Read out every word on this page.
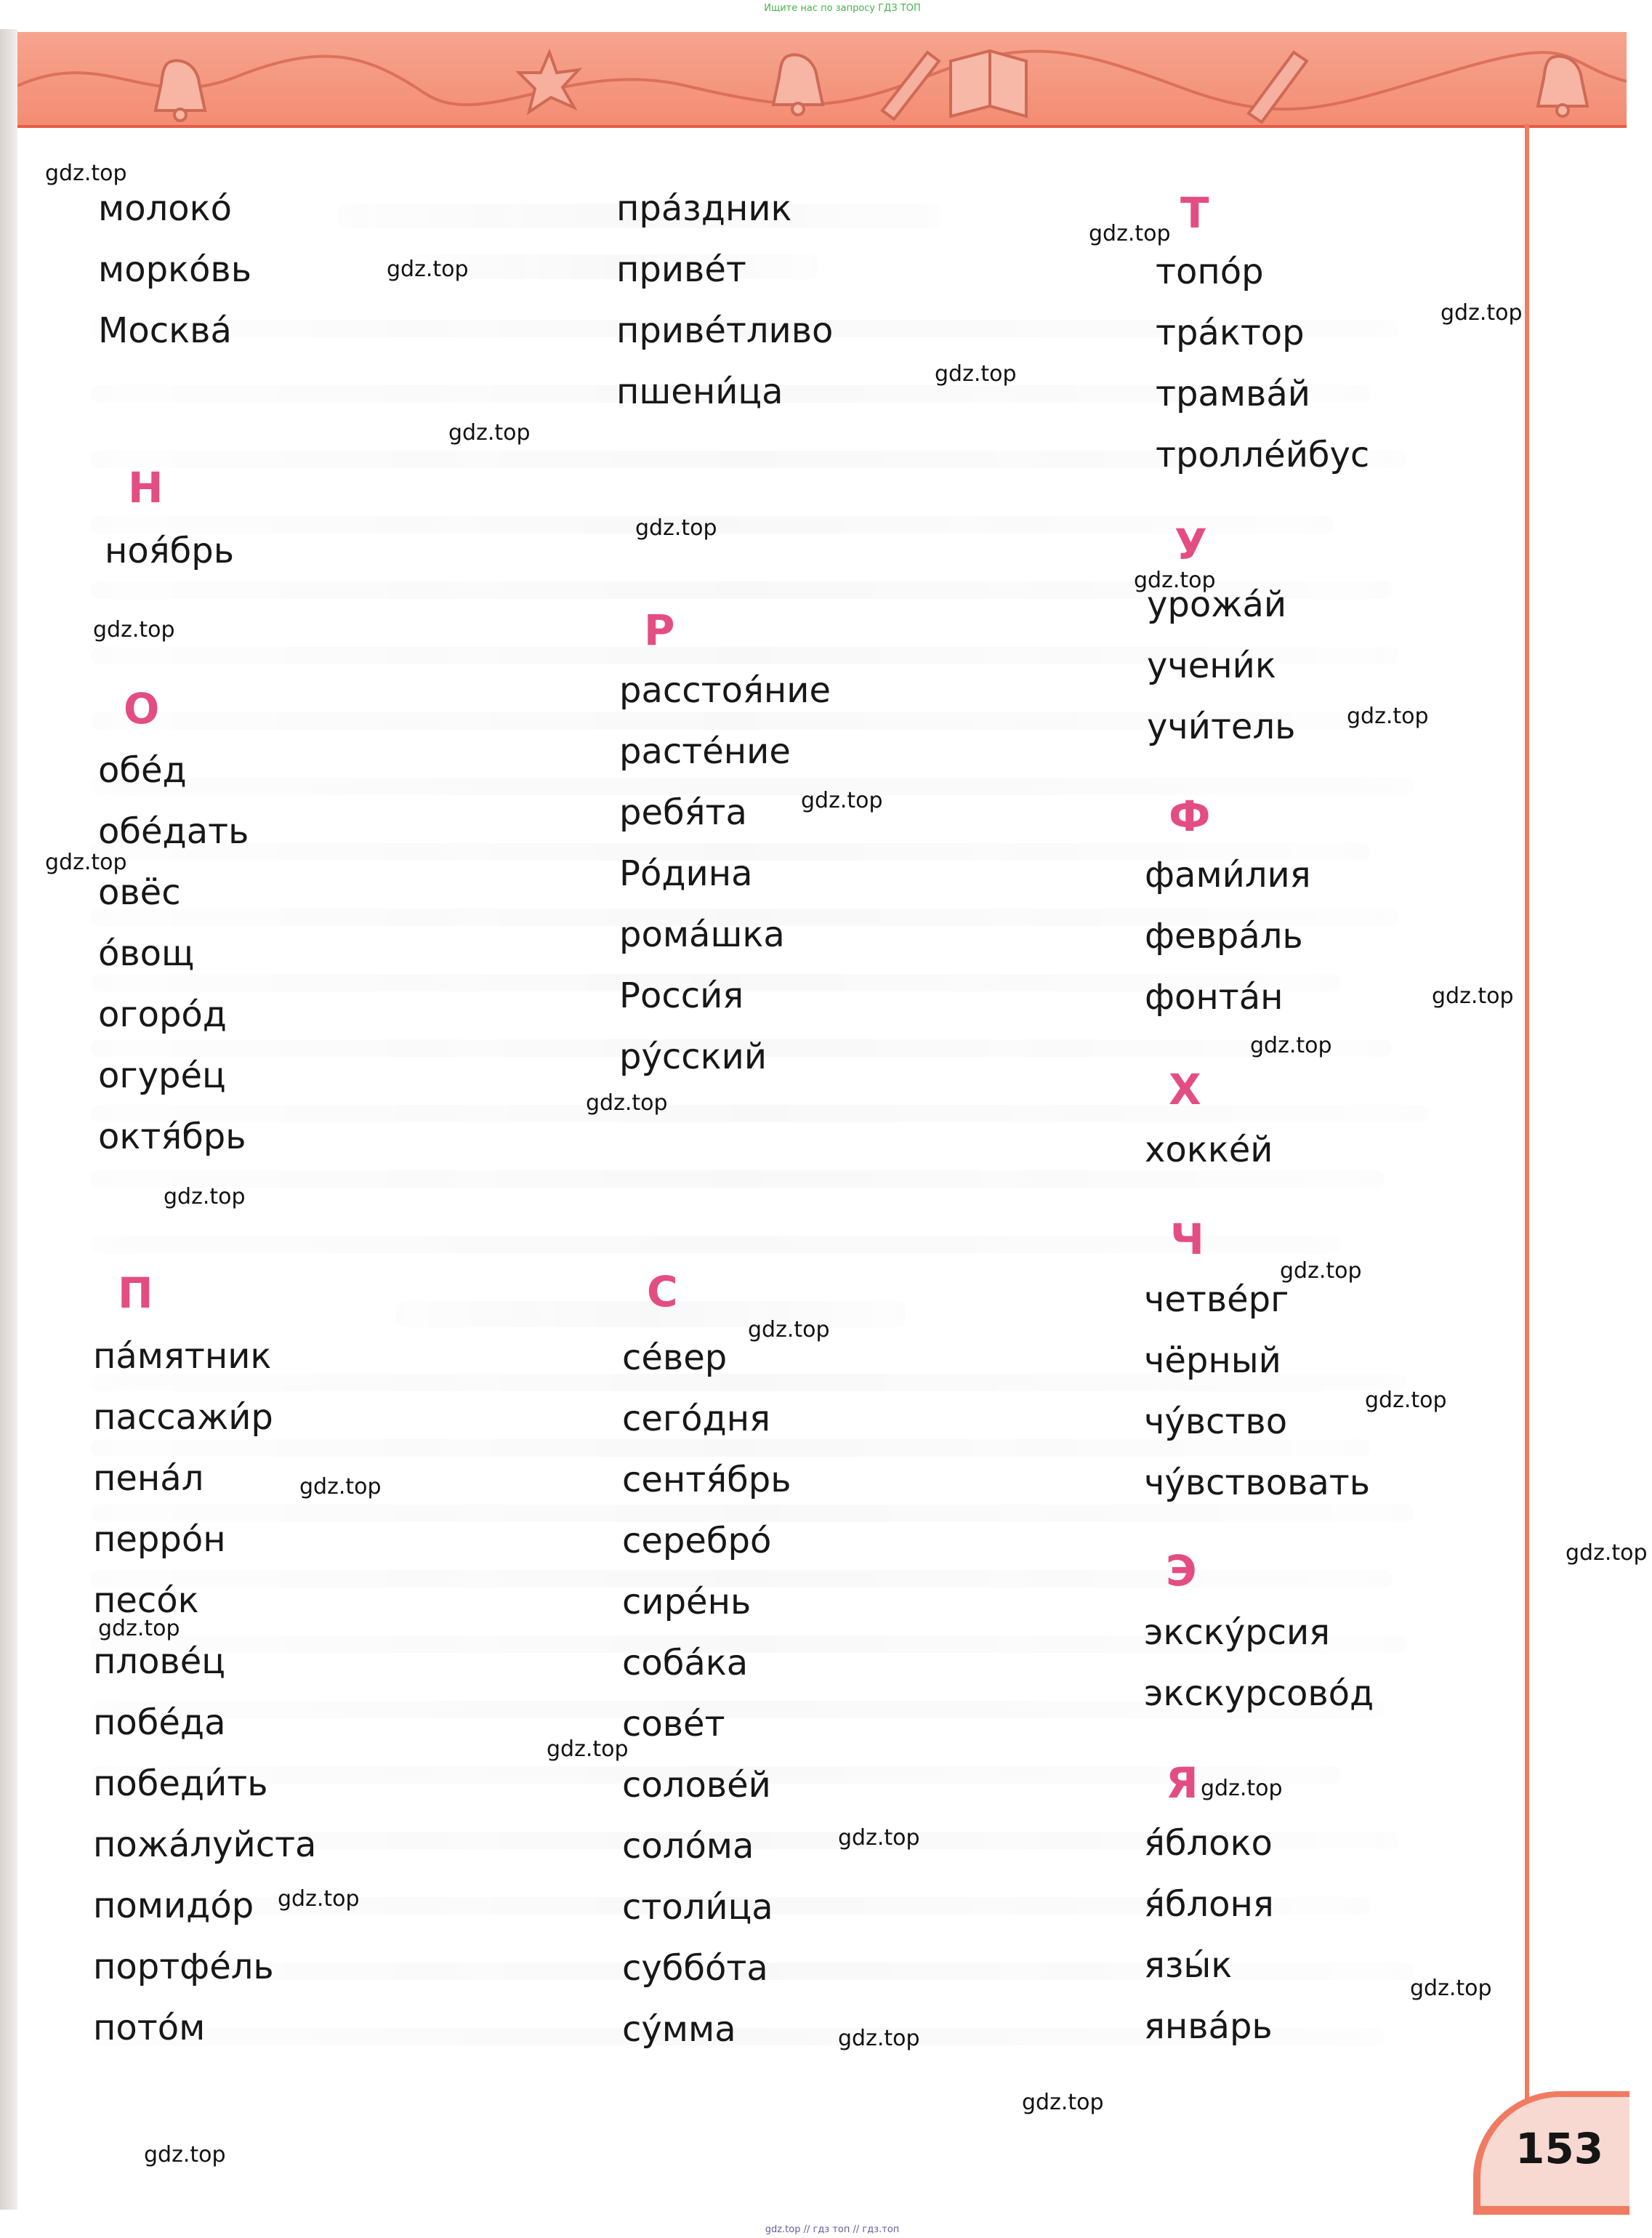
Ищите нас по запросу ГДЗ ТОП
молоко́
морко́вь
Москва́
Н
ноя́брь
О
обе́д
обе́дать
овёс
о́вощ
огоро́д
огуре́ц
октя́брь
П
па́мятник
пассажи́р
пена́л
перро́н
песо́к
плове́ц
побе́да
победи́ть
пожа́луйста
помидо́р
портфе́ль
пото́м
пра́здник
приве́т
приве́тливо
пшени́ца
Р
расстоя́ние
расте́ние
ребя́та
Ро́дина
рома́шка
Росси́я
ру́сский
С
се́вер
сего́дня
сентя́брь
серебро́
сире́нь
соба́ка
сове́т
солове́й
соло́ма
столи́ца
суббо́та
су́мма
Т
топо́р
тра́ктор
трамва́й
тролле́йбус
У
урожа́й
учени́к
учи́тель
Ф
фами́лия
февра́ль
фонта́н
Х
хокке́й
Ч
четве́рг
чёрный
чу́вство
чу́вствовать
Э
экску́рсия
экскурсово́д
Я
я́блоко
я́блоня
язы́к
янва́рь
gdz.top
gdz.top
gdz.top
gdz.top
gdz.top
gdz.top
gdz.top
gdz.top
gdz.top
gdz.top
gdz.top
gdz.top
gdz.top
gdz.top
gdz.top
gdz.top
gdz.top
gdz.top
gdz.top
gdz.top
gdz.top
gdz.top
gdz.top
gdz.top
gdz.top
gdz.top
gdz.top
gdz.top
gdz.top
gdz.top	153
gdz.top // гдз топ // гдз.топ
